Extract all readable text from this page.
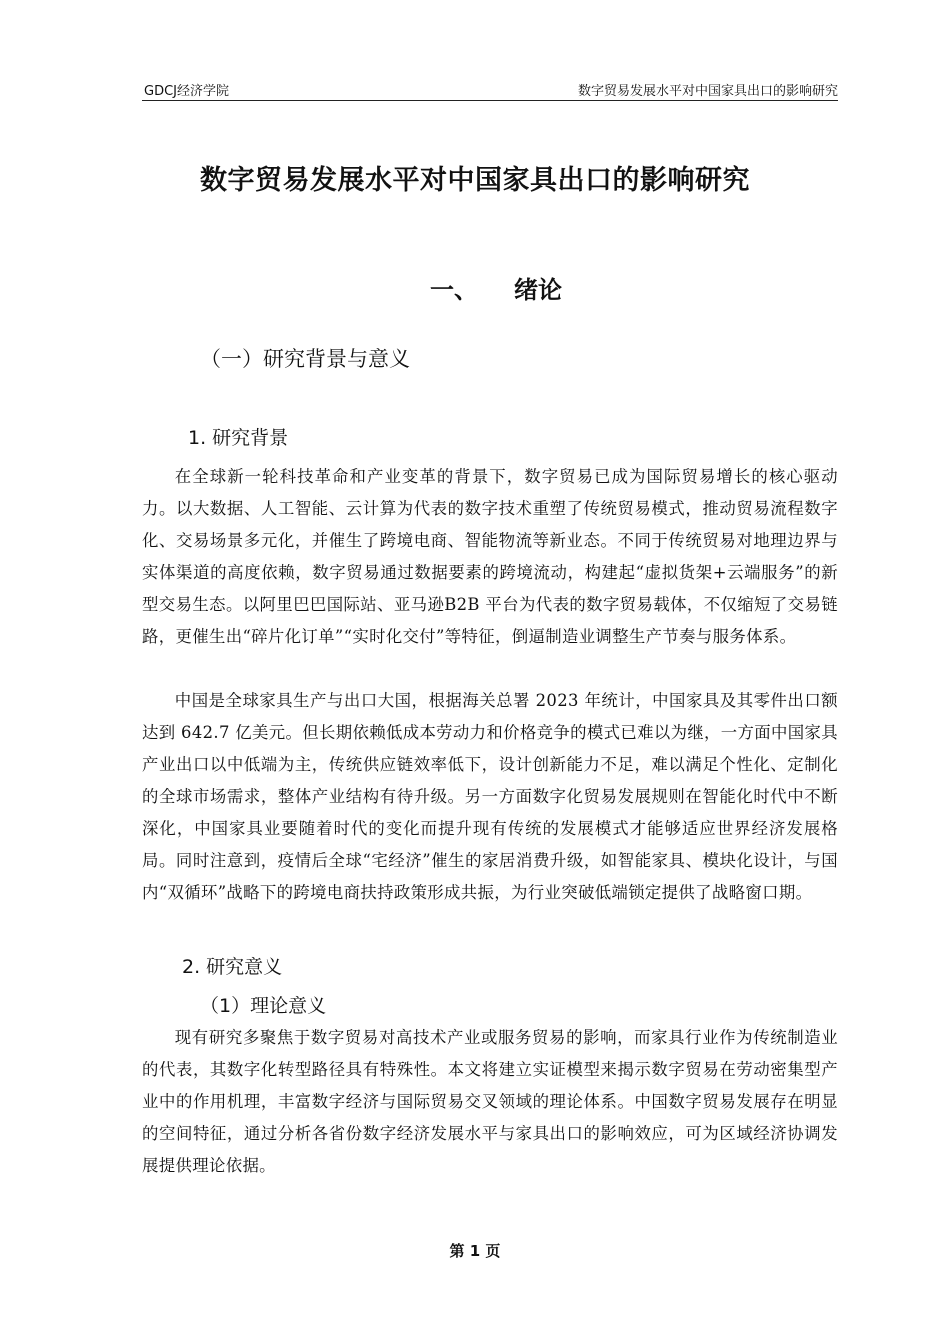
GDCJ经济学院	数字贸易发展水平对中国家具出口的影响研究
数字贸易发展水平对中国家具出口的影响研究
一、 绪论
（一）研究背景与意义
1. 研究背景

在全球新一轮科技革命和产业变革的背景下，数字贸易已成为国际贸易增长的核心驱动力。以大数据、人工智能、云计算为代表的数字技术重塑了传统贸易模式，推动贸易流程数字化、交易场景多元化，并催生了跨境电商、智能物流等新业态。不同于传统贸易对地理边界与实体渠道的高度依赖，数字贸易通过数据要素的跨境流动，构建起“虚拟货架+云端服务”的新型交易生态。以阿里巴巴国际站、亚马逊B2B 平台为代表的数字贸易载体，不仅缩短了交易链路，更催生出“碎片化订单”“实时化交付”等特征，倒逼制造业调整生产节奏与服务体系。

中国是全球家具生产与出口大国，根据海关总署 2023 年统计，中国家具及其零件出口额达到 642.7 亿美元。但长期依赖低成本劳动力和价格竞争的模式已难以为继，一方面中国家具产业出口以中低端为主，传统供应链效率低下，设计创新能力不足，难以满足个性化、定制化的全球市场需求，整体产业结构有待升级。另一方面数字化贸易发展规则在智能化时代中不断深化，中国家具业要随着时代的变化而提升现有传统的发展模式才能够适应世界经济发展格局。同时注意到，疫情后全球“宅经济”催生的家居消费升级，如智能家具、模块化设计，与国内“双循环”战略下的跨境电商扶持政策形成共振，为行业突破低端锁定提供了战略窗口期。

2. 研究意义
（1）理论意义

现有研究多聚焦于数字贸易对高技术产业或服务贸易的影响，而家具行业作为传统制造业的代表，其数字化转型路径具有特殊性。本文将建立实证模型来揭示数字贸易在劳动密集型产业中的作用机理，丰富数字经济与国际贸易交叉领域的理论体系。中国数字贸易发展存在明显的空间特征，通过分析各省份数字经济发展水平与家具出口的影响效应，可为区域经济协调发展提供理论依据。

第 1 页
